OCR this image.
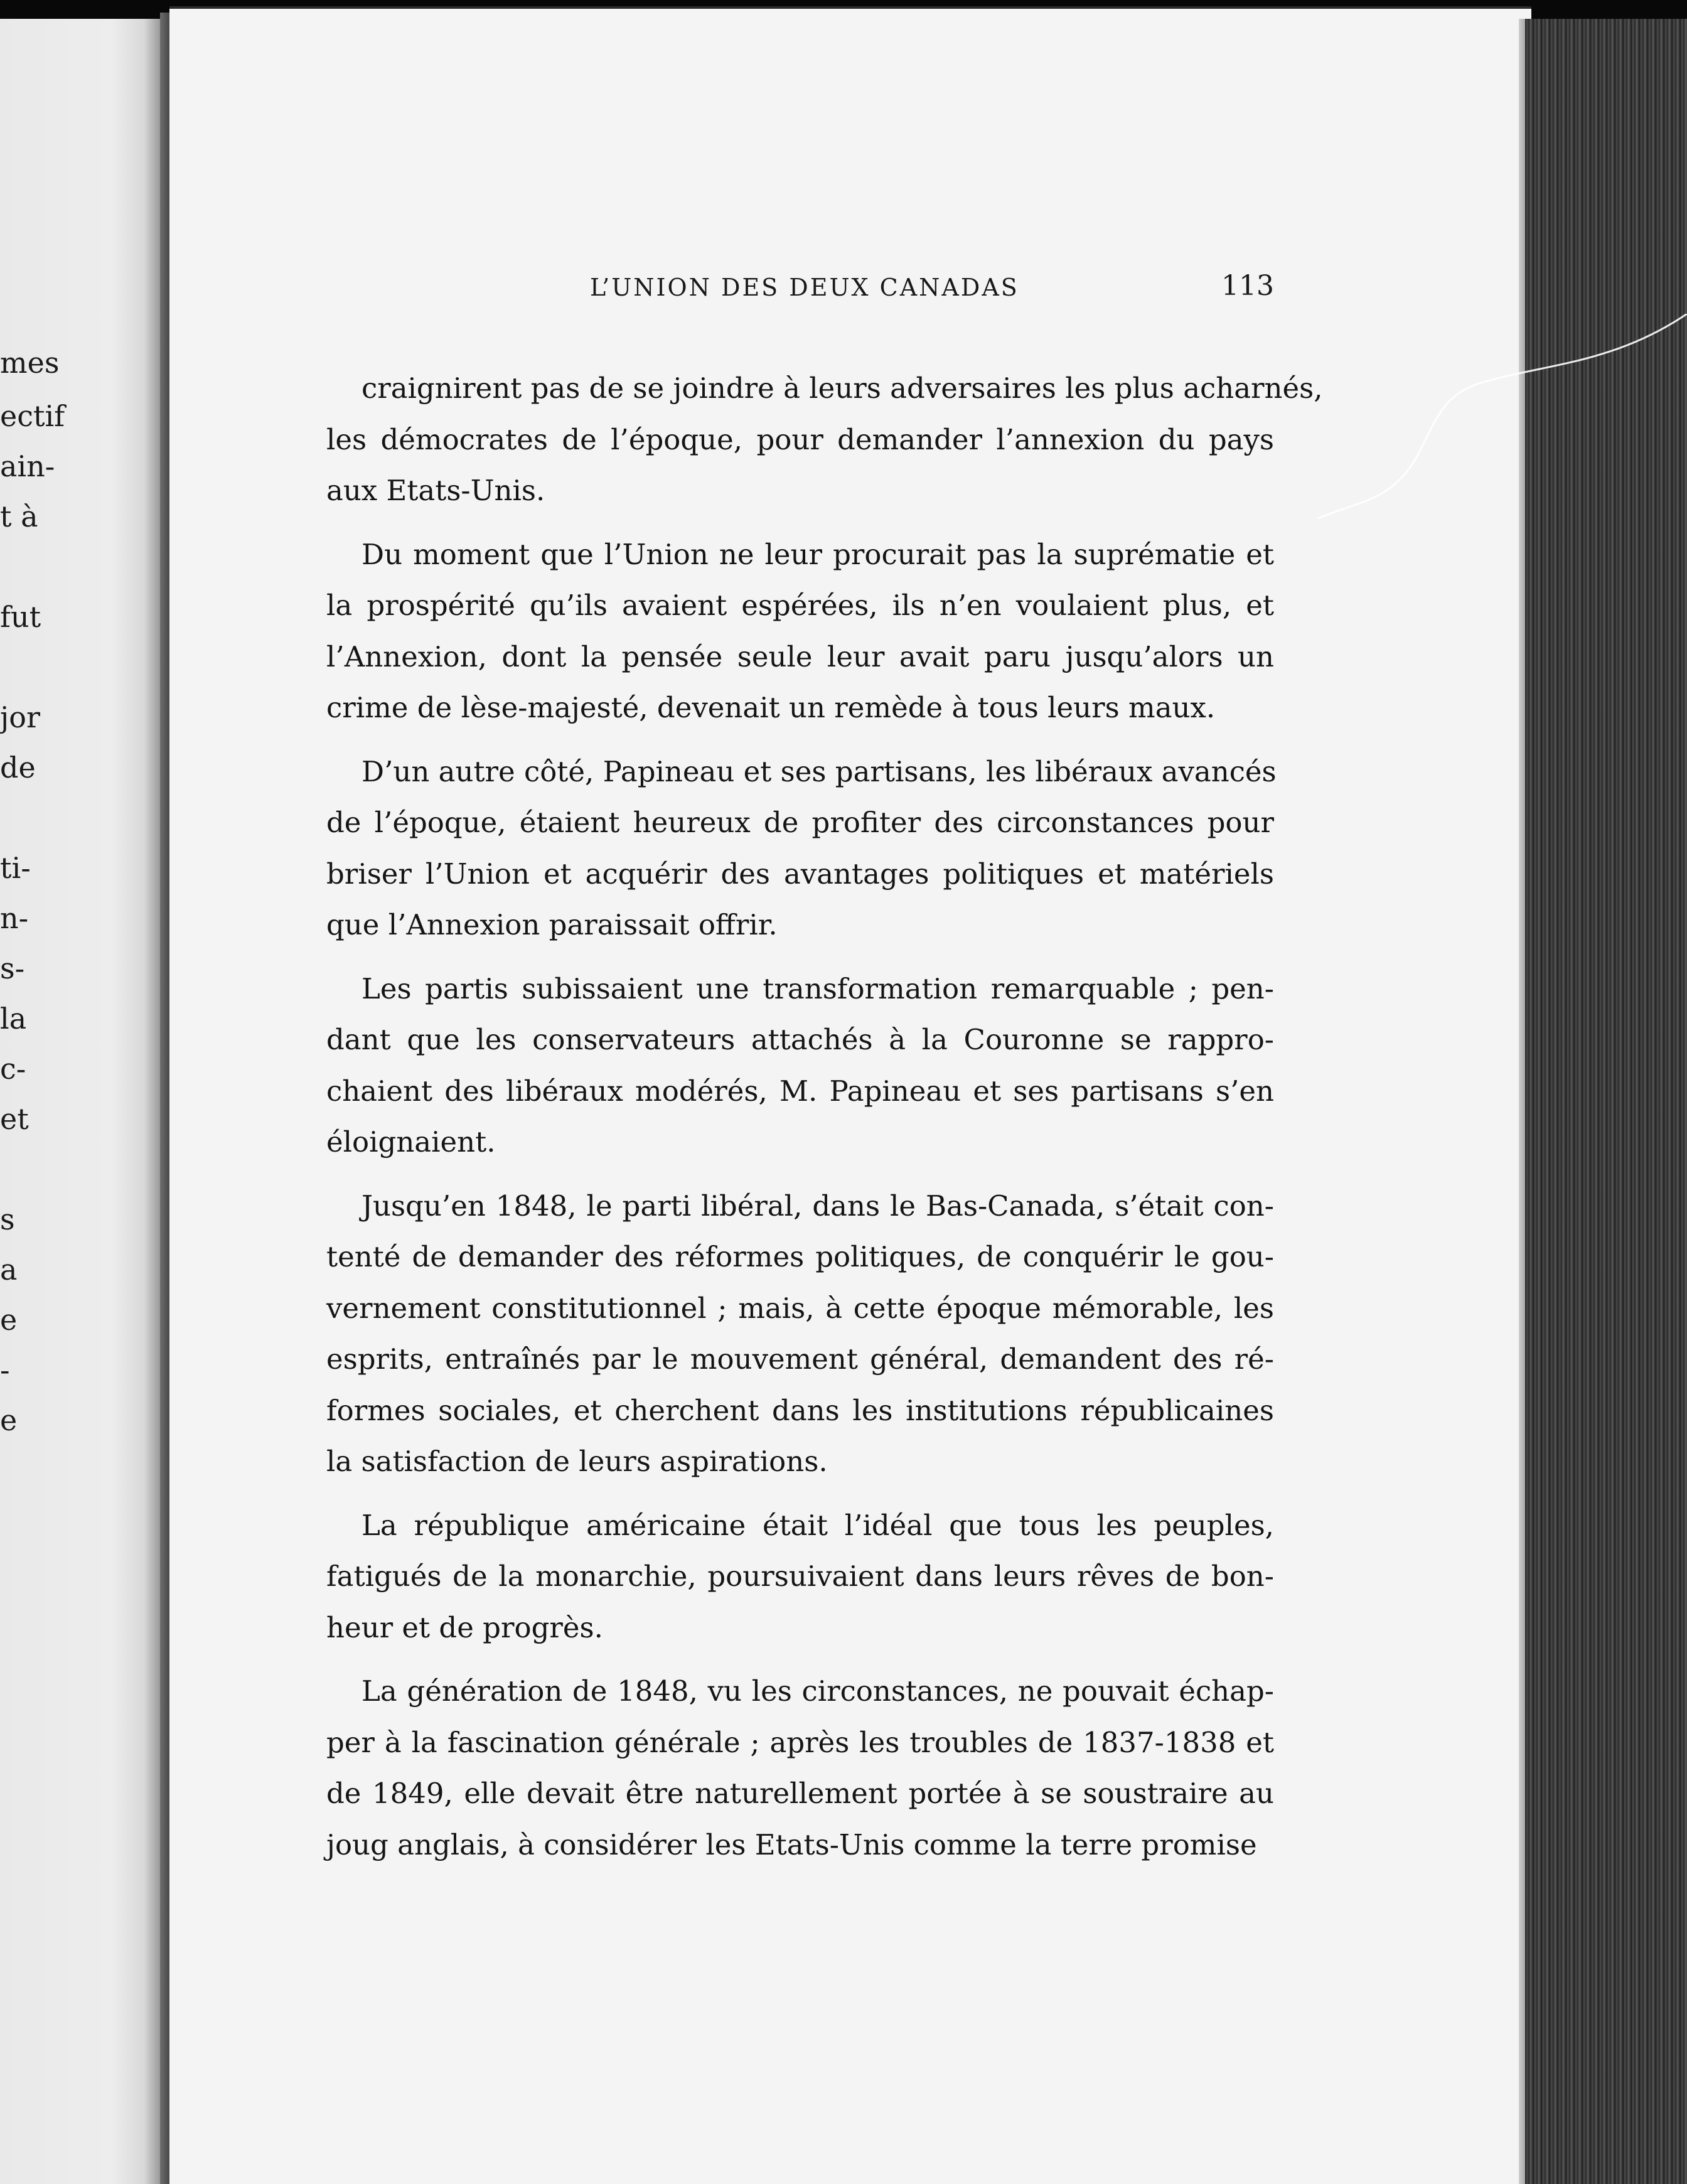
mes
ectif
ain-
t à
fut
jor
de
ti-
n-
s-
la
c-
et
s
a
e
-
e
L’UNION DES DEUX CANADAS	113
craignirent pas de se joindre à leurs adversaires les plus acharnés,
les démocrates de l’époque, pour demander l’annexion du pays
aux Etats-Unis.
Du moment que l’Union ne leur procurait pas la suprématie et
la prospérité qu’ils avaient espérées, ils n’en voulaient plus, et
l’Annexion, dont la pensée seule leur avait paru jusqu’alors un
crime de lèse-majesté, devenait un remède à tous leurs maux.
D’un autre côté, Papineau et ses partisans, les libéraux avancés
de l’époque, étaient heureux de profiter des circonstances pour
briser l’Union et acquérir des avantages politiques et matériels
que l’Annexion paraissait offrir.
Les partis subissaient une transformation remarquable ; pen-
dant que les conservateurs attachés à la Couronne se rappro-
chaient des libéraux modérés, M. Papineau et ses partisans s’en
éloignaient.
Jusqu’en 1848, le parti libéral, dans le Bas-Canada, s’était con-
tenté de demander des réformes politiques, de conquérir le gou-
vernement constitutionnel ; mais, à cette époque mémorable, les
esprits, entraînés par le mouvement général, demandent des ré-
formes sociales, et cherchent dans les institutions républicaines
la satisfaction de leurs aspirations.
La république américaine était l’idéal que tous les peuples,
fatigués de la monarchie, poursuivaient dans leurs rêves de bon-
heur et de progrès.
La génération de 1848, vu les circonstances, ne pouvait échap-
per à la fascination générale ; après les troubles de 1837-1838 et
de 1849, elle devait être naturellement portée à se soustraire au
joug anglais, à considérer les Etats-Unis comme la terre promise
